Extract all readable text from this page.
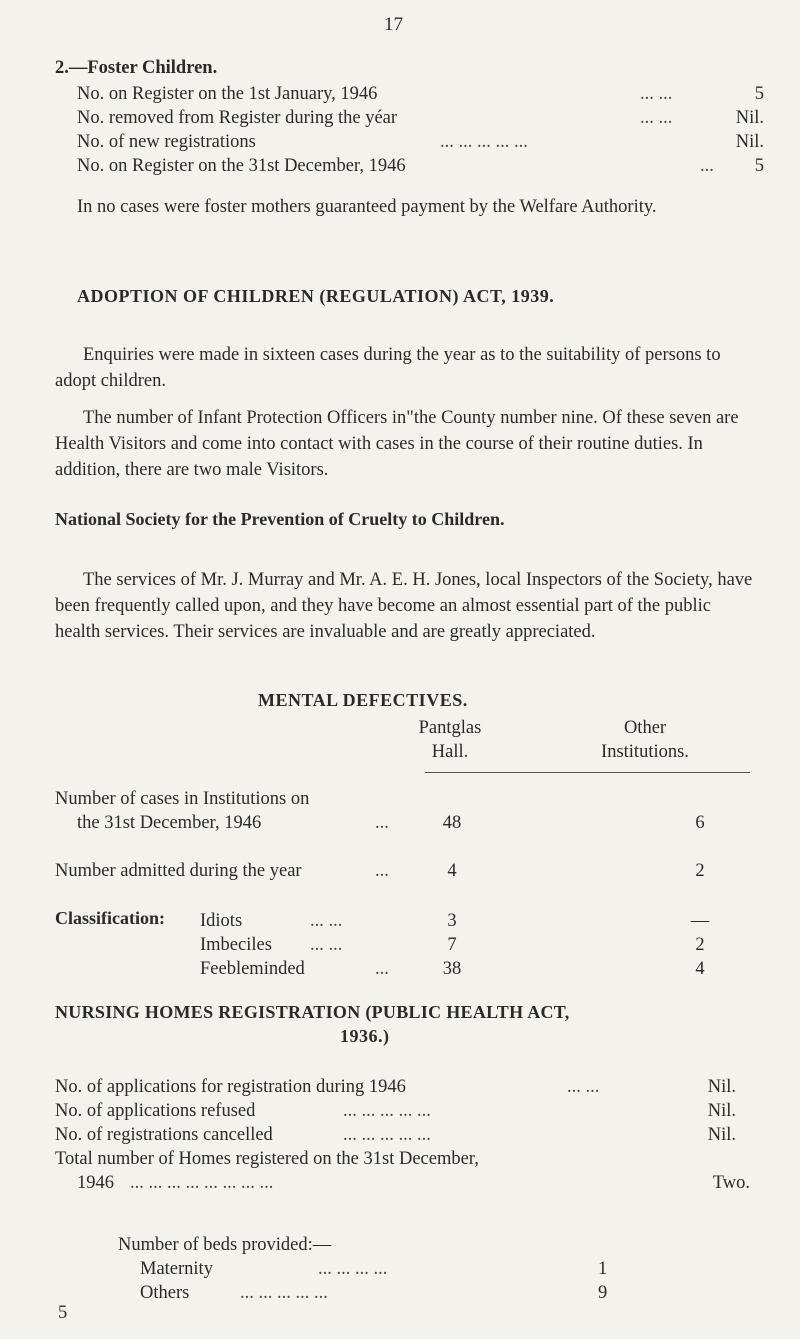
17
2.—Foster Children.
No. on Register on the 1st January, 1946	... ...	5
No. removed from Register during the yéar	... ...	Nil.
No. of new registrations	... ... ... ... ...	Nil.
No. on Register on the 31st December, 1946	... 5
In no cases were foster mothers guaranteed payment by the Welfare Authority.
ADOPTION OF CHILDREN (REGULATION) ACT, 1939.
Enquiries were made in sixteen cases during the year as to the suitability of persons to adopt children.
The number of Infant Protection Officers in"the County number nine. Of these seven are Health Visitors and come into contact with cases in the course of their routine duties. In addition, there are two male Visitors.
National Society for the Prevention of Cruelty to Children.
The services of Mr. J. Murray and Mr. A. E. H. Jones, local Inspectors of the Society, have been frequently called upon, and they have become an almost essential part of the public health services. Their services are invaluable and are greatly appreciated.
MENTAL DEFECTIVES.
Pantglas
Hall.
Other
Institutions.
Number of cases in Institutions on
the 31st December, 1946	...	48	6
Number admitted during the year	...	4	2
Classification: Idiots	... ...	3	—
Imbeciles ... ...	7	2
Feebleminded	...	38	4
NURSING HOMES REGISTRATION (PUBLIC HEALTH ACT,
1936.)
No. of applications for registration during 1946	... ...	Nil.
No. of applications refused	... ... ... ... ...	Nil.
No. of registrations cancelled	... ... ... ... ...	Nil.
Total number of Homes registered on the 31st December,
1946 ... ... ... ... ... ... ... ...	Two.
Number of beds provided:—
Maternity	... ... ... ...	1
Others	... ... ... ... ...	9
5
